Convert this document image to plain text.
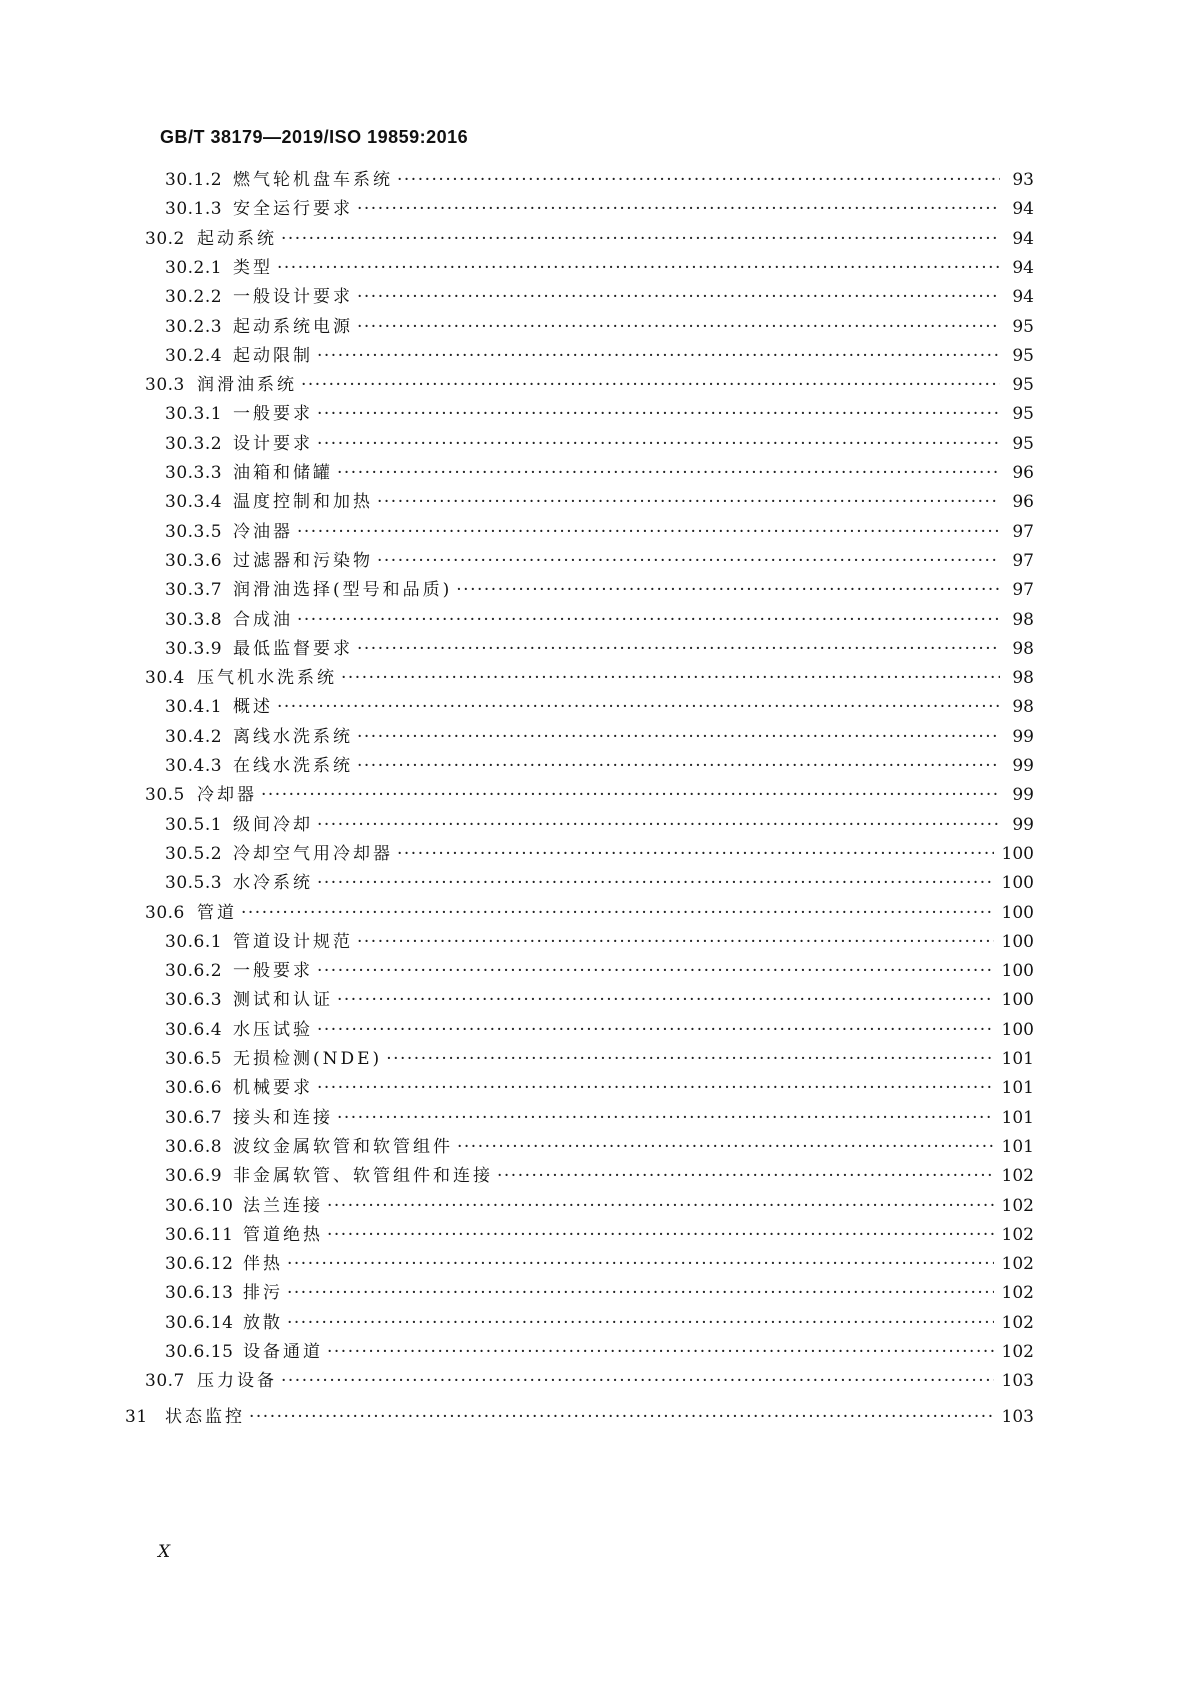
GB/T 38179—2019/ISO 19859:2016
30.1.2 燃气轮机盘车系统 ·····	93
30.1.3 安全运行要求 ·····	94
30.2 起动系统 ·····	94
30.2.1 类型 ·····	94
30.2.2 一般设计要求 ·····	94
30.2.3 起动系统电源 ·····	95
30.2.4 起动限制 ·····	95
30.3 润滑油系统 ·····	95
30.3.1 一般要求 ·····	95
30.3.2 设计要求 ·····	95
30.3.3 油箱和储罐 ·····	96
30.3.4 温度控制和加热 ·····	96
30.3.5 冷油器 ·····	97
30.3.6 过滤器和污染物 ·····	97
30.3.7 润滑油选择(型号和品质) ·····	97
30.3.8 合成油 ·····	98
30.3.9 最低监督要求 ·····	98
30.4 压气机水洗系统 ·····	98
30.4.1 概述 ·····	98
30.4.2 离线水洗系统 ·····	99
30.4.3 在线水洗系统 ·····	99
30.5 冷却器 ·····	99
30.5.1 级间冷却 ·····	99
30.5.2 冷却空气用冷却器 ·····	100
30.5.3 水冷系统 ·····	100
30.6 管道 ·····	100
30.6.1 管道设计规范 ·····	100
30.6.2 一般要求 ·····	100
30.6.3 测试和认证 ·····	100
30.6.4 水压试验 ·····	100
30.6.5 无损检测(NDE) ·····	101
30.6.6 机械要求 ·····	101
30.6.7 接头和连接 ·····	101
30.6.8 波纹金属软管和软管组件 ·····	101
30.6.9 非金属软管、软管组件和连接 ·····	102
30.6.10 法兰连接 ·····	102
30.6.11 管道绝热 ·····	102
30.6.12 伴热 ·····	102
30.6.13 排污 ·····	102
30.6.14 放散 ·····	102
30.6.15 设备通道 ·····	102
30.7 压力设备 ·····	103
31	状态监控 ·····	103
X
